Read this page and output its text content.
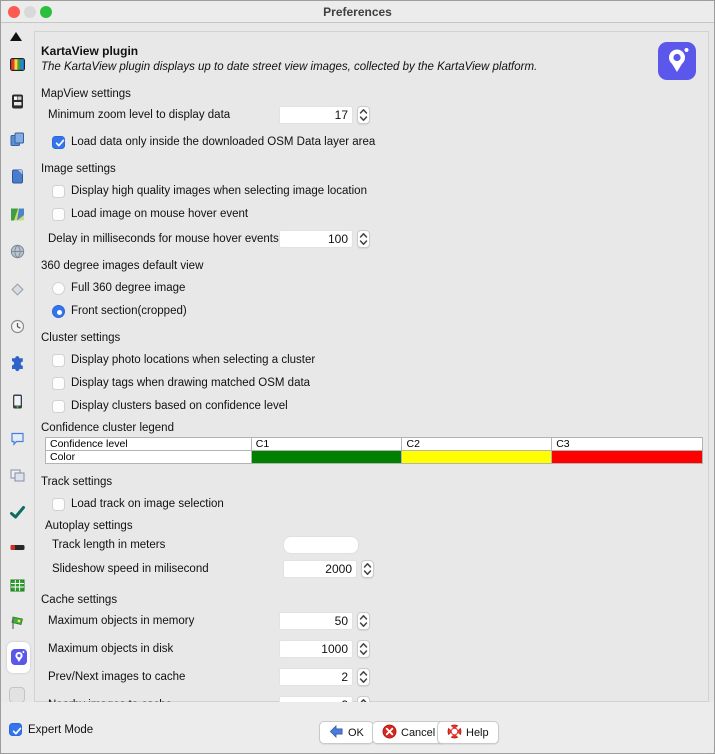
Preferences
KartaView plugin
The KartaView plugin displays up to date street view images, collected by the KartaView platform.
MapView settings
Minimum zoom level to display data
17
Load data only inside the downloaded OSM Data layer area
Image settings
Display high quality images when selecting image location
Load image on mouse hover event
Delay in milliseconds for mouse hover events
100
360 degree images default view
Full 360 degree image
Front section(cropped)
Cluster settings
Display photo locations when selecting a cluster
Display tags when drawing matched OSM data
Display clusters based on confidence level
Confidence cluster legend
Confidence level	C1	C2	C3
Color			
Track settings
Load track on image selection
Autoplay settings
Track length in meters
Slideshow speed in milisecond
2000
Cache settings
Maximum objects in memory
50
Maximum objects in disk
1000
Prev/Next images to cache
2
2
Expert Mode	OK	Cancel	Help
